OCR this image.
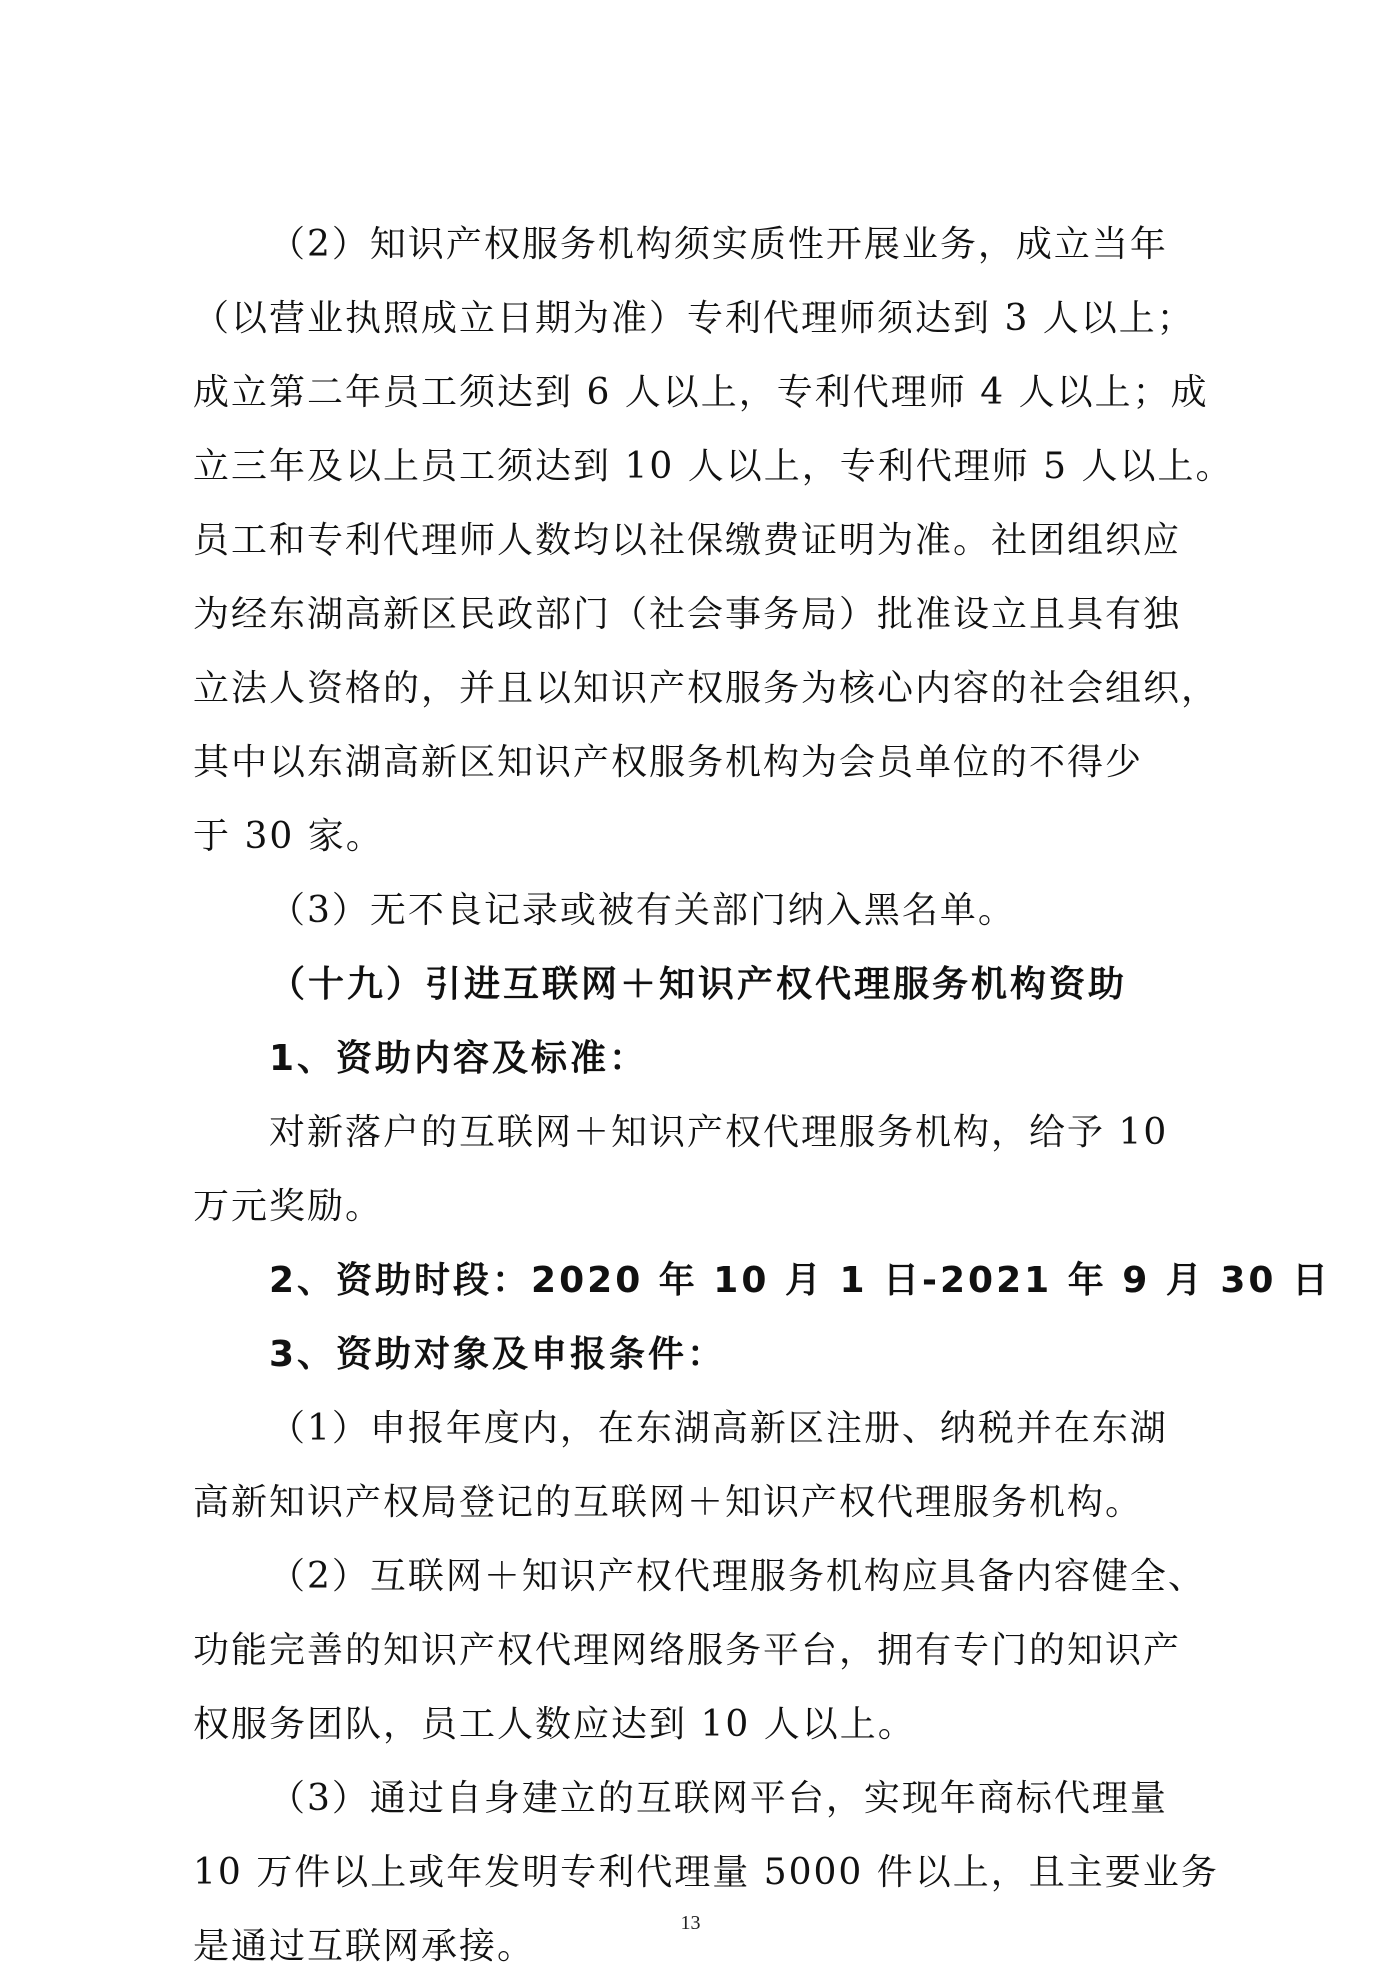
（2）知识产权服务机构须实质性开展业务，成立当年
（以营业执照成立日期为准）专利代理师须达到 3 人以上；
成立第二年员工须达到 6 人以上，专利代理师 4 人以上；成
立三年及以上员工须达到 10 人以上，专利代理师 5 人以上。
员工和专利代理师人数均以社保缴费证明为准。社团组织应
为经东湖高新区民政部门（社会事务局）批准设立且具有独
立法人资格的，并且以知识产权服务为核心内容的社会组织，
其中以东湖高新区知识产权服务机构为会员单位的不得少
于 30 家。
（3）无不良记录或被有关部门纳入黑名单。
（十九）引进互联网＋知识产权代理服务机构资助
1、资助内容及标准：
对新落户的互联网＋知识产权代理服务机构，给予 10
万元奖励。
2、资助时段：2020 年 10 月 1 日-2021 年 9 月 30 日
3、资助对象及申报条件：
（1）申报年度内，在东湖高新区注册、纳税并在东湖
高新知识产权局登记的互联网＋知识产权代理服务机构。
（2）互联网＋知识产权代理服务机构应具备内容健全、
功能完善的知识产权代理网络服务平台，拥有专门的知识产
权服务团队，员工人数应达到 10 人以上。
（3）通过自身建立的互联网平台，实现年商标代理量
10 万件以上或年发明专利代理量 5000 件以上，且主要业务
是通过互联网承接。
13
